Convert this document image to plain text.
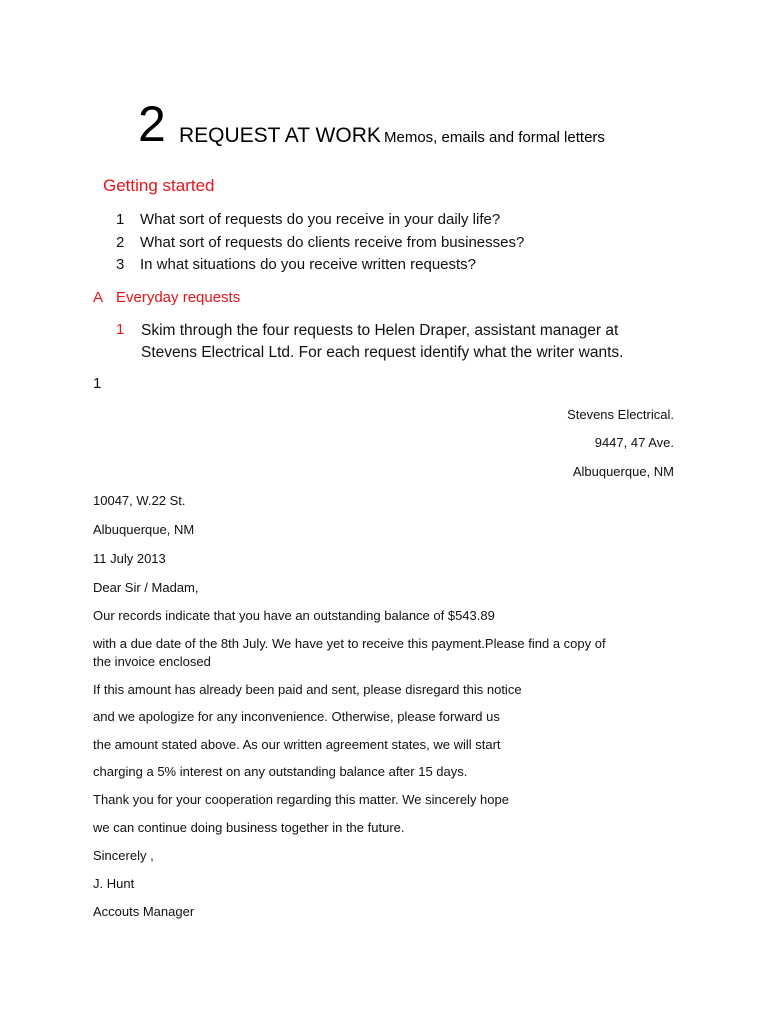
2 REQUEST AT WORK Memos, emails and formal letters
Getting started
1 What sort of requests do you receive in your daily life?
2 What sort of requests do clients receive from businesses?
3 In what situations do you receive written requests?
A Everyday requests
1 Skim through the four requests to Helen Draper, assistant manager at
Stevens Electrical Ltd. For each request identify what the writer wants.
1
Stevens Electrical.
9447, 47 Ave.
Albuquerque, NM
10047, W.22 St.
Albuquerque, NM
11 July 2013
Dear Sir / Madam,
Our records indicate that you have an outstanding balance of $543.89
with a due date of the 8th July. We have yet to receive this payment.Please find a copy of
the invoice enclosed
If this amount has already been paid and sent, please disregard this notice
and we apologize for any inconvenience. Otherwise, please forward us
the amount stated above. As our written agreement states, we will start
charging a 5% interest on any outstanding balance after 15 days.
Thank you for your cooperation regarding this matter. We sincerely hope
we can continue doing business together in the future.
Sincerely ,
J. Hunt
Accouts Manager
